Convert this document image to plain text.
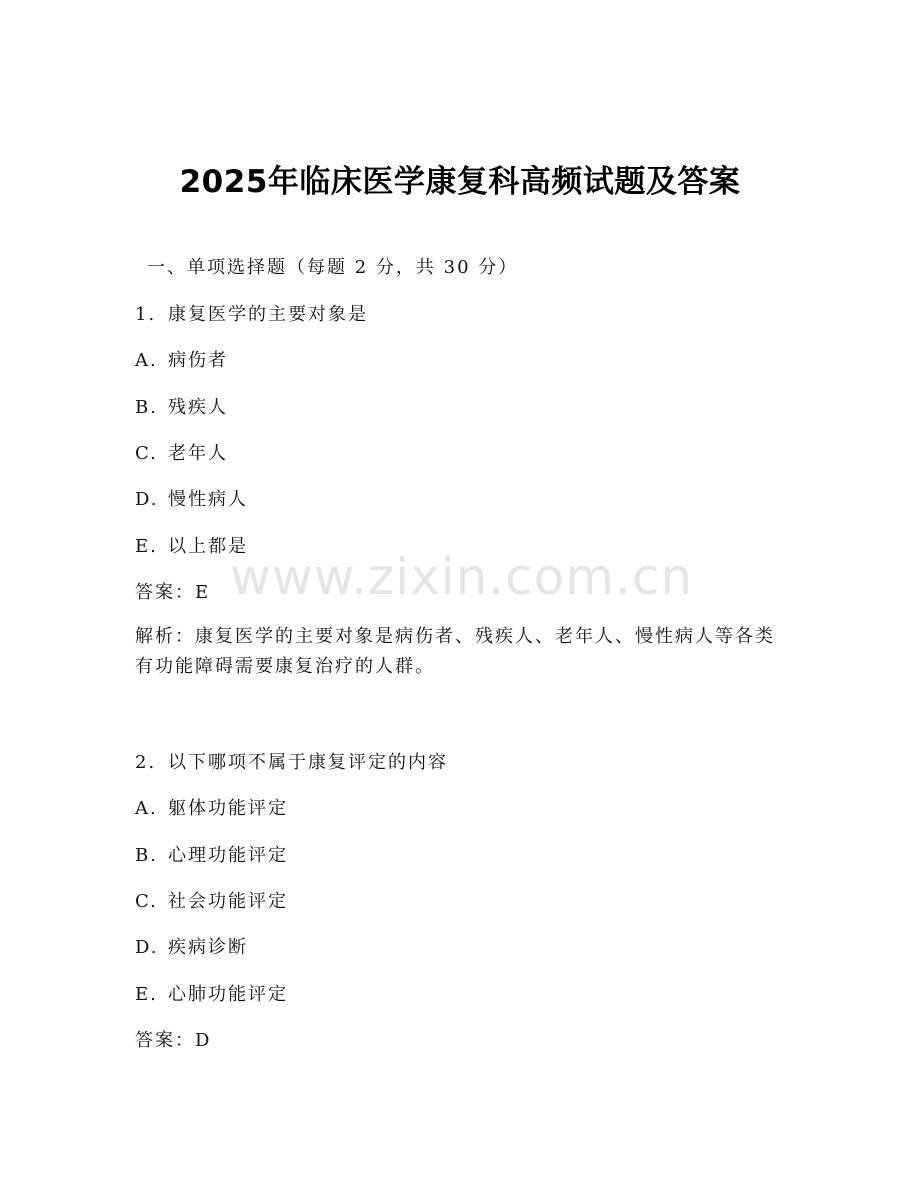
2025年临床医学康复科高频试题及答案
一、单项选择题（每题 2 分，共 30 分）
1. 康复医学的主要对象是
A. 病伤者
B. 残疾人
C. 老年人
D. 慢性病人
E. 以上都是
答案：E
解析：康复医学的主要对象是病伤者、残疾人、老年人、慢性病人等各类有功能障碍需要康复治疗的人群。
2. 以下哪项不属于康复评定的内容
A. 躯体功能评定
B. 心理功能评定
C. 社会功能评定
D. 疾病诊断
E. 心肺功能评定
答案：D
www.zixin.com.cn
